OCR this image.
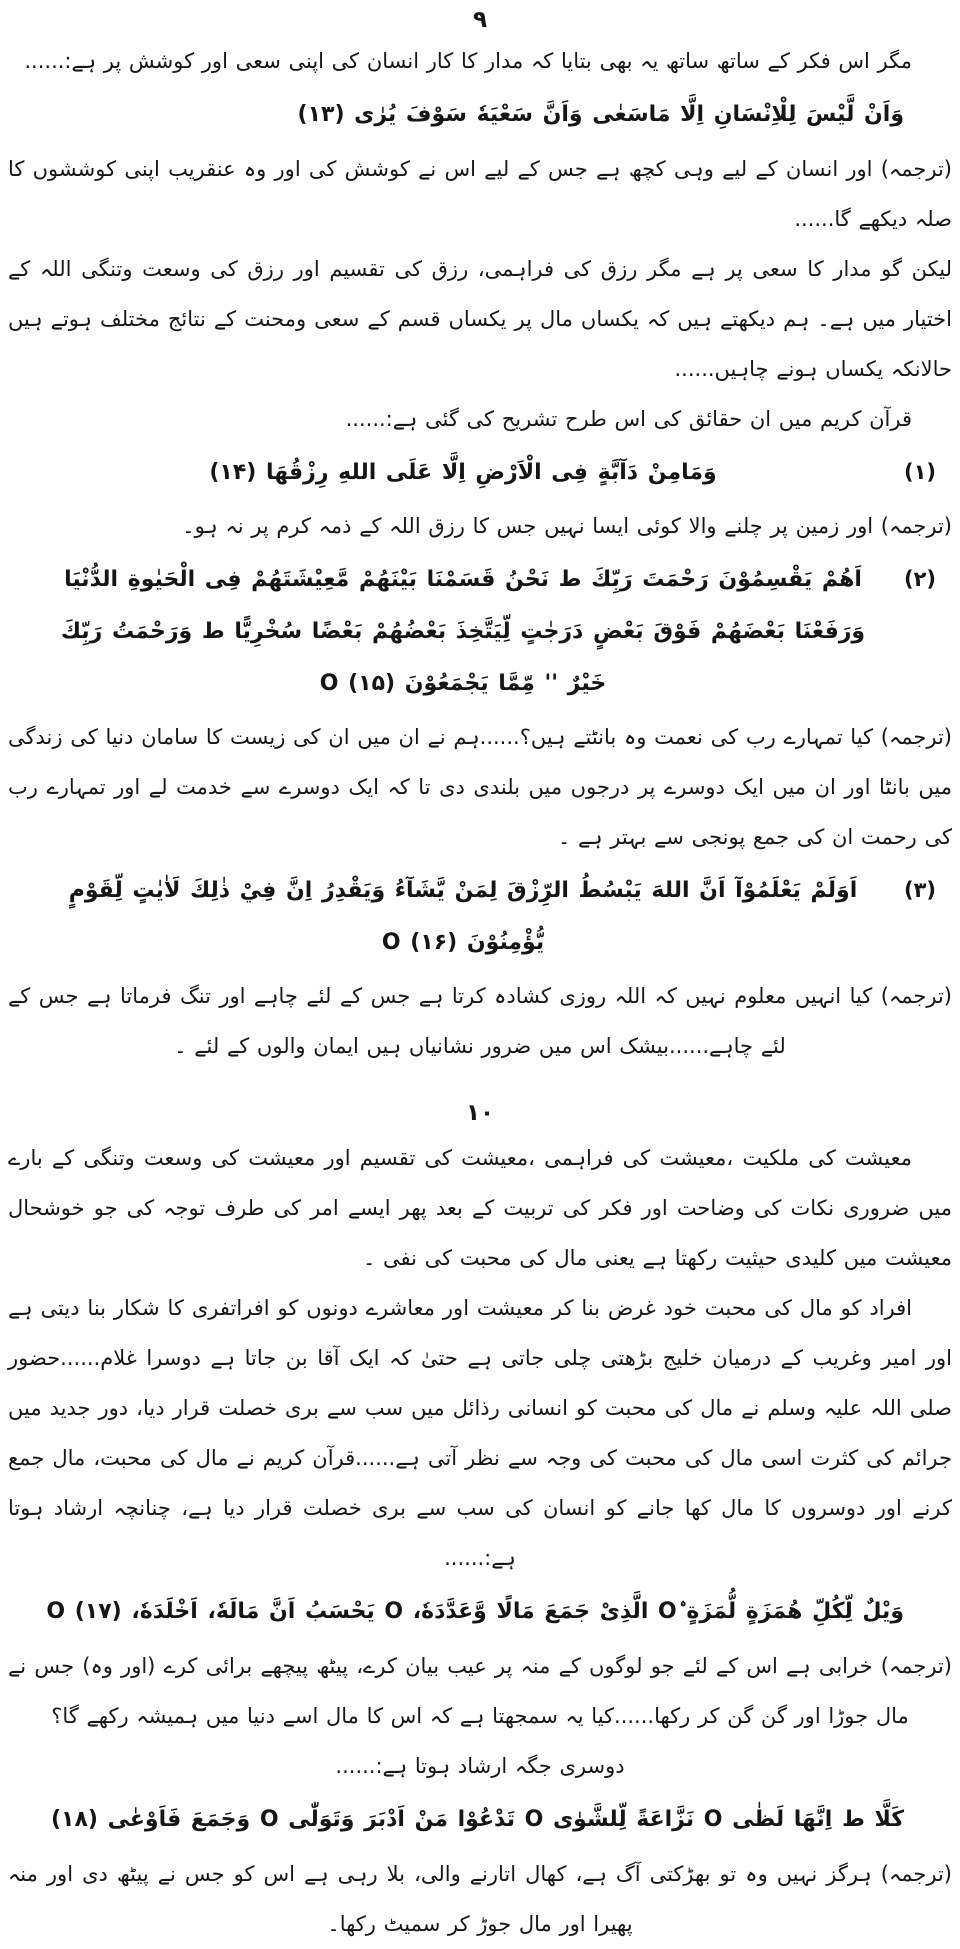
۹

مگر اس فکر کے ساتھ ساتھ یہ بھی بتایا کہ مدار کا کار انسان کی اپنی سعی اور کوشش پر ہے:......

وَاَنْ لَّيْسَ لِلْاِنْسَانِ اِلَّا مَاسَعٰى وَاَنَّ سَعْيَهٗ سَوْفَ يُرٰى (۱۳)

(ترجمہ) اور انسان کے لیے وہی کچھ ہے جس کے لیے اس نے کوشش کی اور وہ عنقریب اپنی کوششوں کا صلہ دیکھے گا......

لیکن گو مدار کا سعی پر ہے مگر رزق کی فراہمی، رزق کی تقسیم اور رزق کی وسعت وتنگی اللہ کے اختیار میں ہے۔ ہم دیکھتے ہیں کہ یکساں مال پر یکساں قسم کے سعی ومحنت کے نتائج مختلف ہوتے ہیں حالانکہ یکساں ہونے چاہیں......

قرآن کریم میں ان حقائق کی اس طرح تشریح کی گئی ہے:......

(۱)
وَمَامِنْ دَآبَّةٍ فِى الْاَرْضِ اِلَّا عَلَى اللهِ رِزْقُهَا (۱۴)

(ترجمہ) اور زمین پر چلنے والا کوئی ایسا نہیں جس کا رزق اللہ کے ذمہ کرم پر نہ ہو۔

(۲)
اَهُمْ يَقْسِمُوْنَ رَحْمَتَ رَبِّكَ ط نَحْنُ قَسَمْنَا بَيْنَهُمْ مَّعِيْشَتَهُمْ فِى الْحَيٰوةِ الدُّنْيَا وَرَفَعْنَا بَعْضَهُمْ فَوْقَ بَعْضٍ دَرَجٰتٍ لِّيَتَّخِذَ بَعْضُهُمْ بَعْضًا سُخْرِيًّا ط وَرَحْمَتُ رَبِّكَ خَيْرٌ '' مِّمَّا يَجْمَعُوْنَ O (۱۵)

(ترجمہ) کیا تمہارے رب کی نعمت وہ بانٹتے ہیں؟......ہم نے ان میں ان کی زیست کا سامان دنیا کی زندگی میں بانٹا اور ان میں ایک دوسرے پر درجوں میں بلندی دی تا کہ ایک دوسرے سے خدمت لے اور تمہارے رب کی رحمت ان کی جمع پونجی سے بہتر ہے ۔

(۳)
اَوَلَمْ يَعْلَمُوْآ اَنَّ اللهَ يَبْسُطُ الرِّزْقَ لِمَنْ يَّشَآءُ وَيَقْدِرُ اِنَّ فِيْ ذٰلِكَ لَاٰيٰتٍ لِّقَوْمٍ يُّؤْمِنُوْنَ O (۱۶)

(ترجمہ) کیا انہیں معلوم نہیں کہ اللہ روزی کشادہ کرتا ہے جس کے لئے چاہے اور تنگ فرماتا ہے جس کے لئے چاہے......بیشک اس میں ضرور نشانیاں ہیں ایمان والوں کے لئے ۔

۱۰

معیشت کی ملکیت ،معیشت کی فراہمی ،معیشت کی تقسیم اور معیشت کی وسعت وتنگی کے بارے میں ضروری نکات کی وضاحت اور فکر کی تربیت کے بعد پھر ایسے امر کی طرف توجہ کی جو خوشحال معیشت میں کلیدی حیثیت رکھتا ہے یعنی مال کی محبت کی نفی ۔

افراد کو مال کی محبت خود غرض بنا کر معیشت اور معاشرے دونوں کو افراتفری کا شکار بنا دیتی ہے اور امیر وغریب کے درمیان خلیج بڑھتی چلی جاتی ہے حتیٰ کہ ایک آقا بن جاتا ہے دوسرا غلام......حضور صلی اللہ علیہ وسلم نے مال کی محبت کو انسانی رذائل میں سب سے بری خصلت قرار دیا، دور جدید میں جرائم کی کثرت اسی مال کی محبت کی وجہ سے نظر آتی ہے......قرآن کریم نے مال کی محبت، مال جمع کرنے اور دوسروں کا مال کھا جانے کو انسان کی سب سے بری خصلت قرار دیا ہے، چنانچہ ارشاد ہوتا ہے:......

وَيْلٌ لِّكُلِّ هُمَزَةٍ لُّمَزَةٍ Oۨ الَّذِىْ جَمَعَ مَالًا وَّعَدَّدَهٗ، O يَحْسَبُ اَنَّ مَالَهٗ، اَخْلَدَهٗ، O (۱۷)

(ترجمہ) خرابی ہے اس کے لئے جو لوگوں کے منہ پر عیب بیان کرے، پیٹھ پیچھے برائی کرے (اور وہ) جس نے مال جوڑا اور گن گن کر رکھا......کیا یہ سمجھتا ہے کہ اس کا مال اسے دنیا میں ہمیشہ رکھے گا؟

دوسری جگہ ارشاد ہوتا ہے:......

كَلَّا ط اِنَّهَا لَظٰى O نَزَّاعَةً لِّلشَّوٰى O تَدْعُوْا مَنْ اَدْبَرَ وَتَوَلّٰى O وَجَمَعَ فَاَوْعٰى (۱۸)

(ترجمہ) ہرگز نہیں وہ تو بھڑکتی آگ ہے، کھال اتارنے والی، بلا رہی ہے اس کو جس نے پیٹھ دی اور منہ پھیرا اور مال جوڑ کر سمیٹ رکھا۔
